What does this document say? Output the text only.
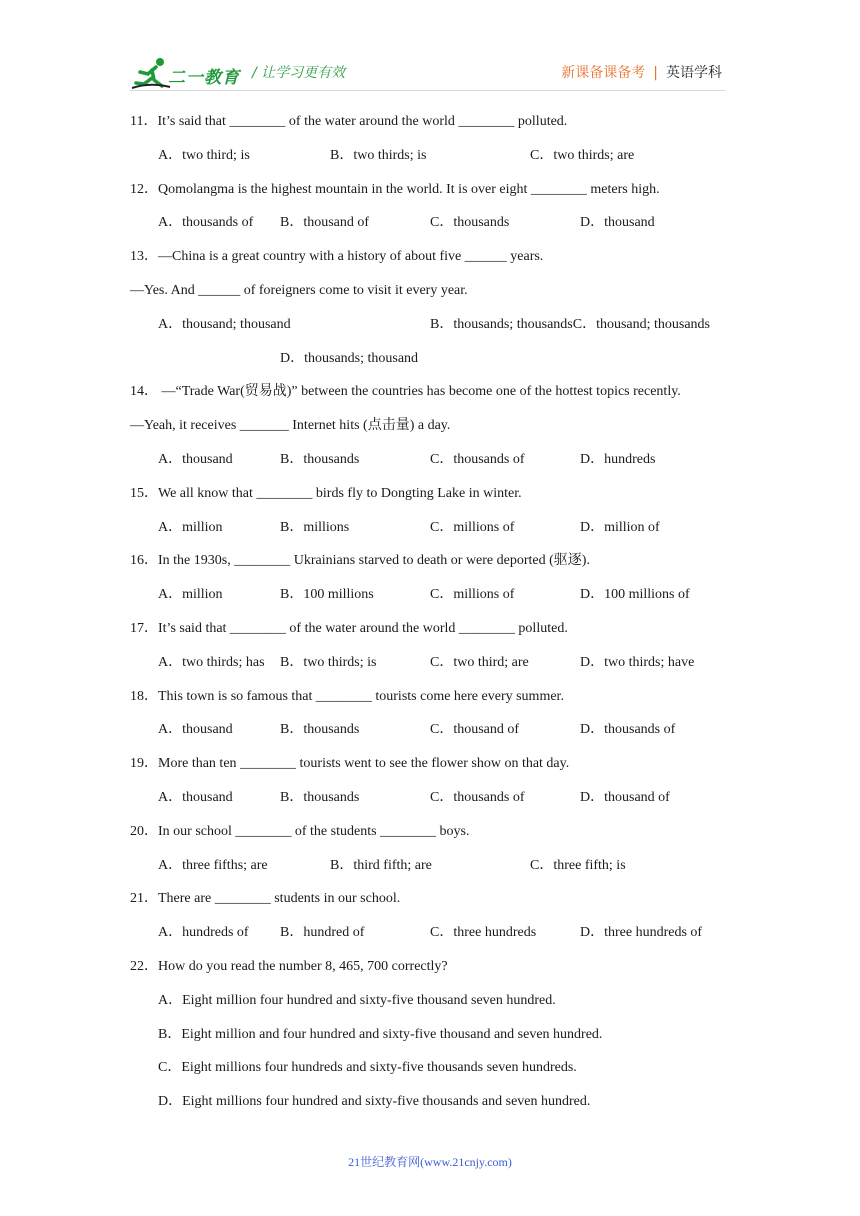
二一教育 / 让学习更有效	新课备课备考 | 英语学科
11．It’s said that ________ of the water around the world ________ polluted.
A．two third; is	B．two thirds; is	C．two thirds; are
12．Qomolangma is the highest mountain in the world. It is over eight ________ meters high.
A．thousands of B．thousand of	C．thousands	D．thousand
13．—China is a great country with a history of about five ______ years.
—Yes. And ______ of foreigners come to visit it every year.
A．thousand; thousand	B．thousands; thousandsC．thousand; thousands
D．thousands; thousand
14． —“Trade War(贸易战)” between the countries has become one of the hottest topics recently.
—Yeah, it receives _______ Internet hits (点击量) a day.
A．thousand	B．thousands	C．thousands of	D．hundreds
15．We all know that ________ birds fly to Dongting Lake in winter.
A．million	B．millions	C．millions of	D．million of
16．In the 1930s, ________ Ukrainians starved to death or were deported (驱逐).
A．million	B．100 millions	C．millions of	D．100 millions of
17．It’s said that ________ of the water around the world ________ polluted.
A．two thirds; has B．two thirds; is	C．two third; are	D．two thirds; have
18．This town is so famous that ________ tourists come here every summer.
A．thousand	B．thousands	C．thousand of	D．thousands of
19．More than ten ________ tourists went to see the flower show on that day.
A．thousand	B．thousands	C．thousands of	D．thousand of
20．In our school ________ of the students ________ boys.
A．three fifths; are	B．third fifth; are	C．three fifth; is
21．There are ________ students in our school.
A．hundreds of B．hundred of	C．three hundreds	D．three hundreds of
22．How do you read the number 8, 465, 700 correctly?
A．Eight million four hundred and sixty-five thousand seven hundred.
B．Eight million and four hundred and sixty-five thousand and seven hundred.
C．Eight millions four hundreds and sixty-five thousands seven hundreds.
D．Eight millions four hundred and sixty-five thousands and seven hundred.
21世纪教育网(www.21cnjy.com)
